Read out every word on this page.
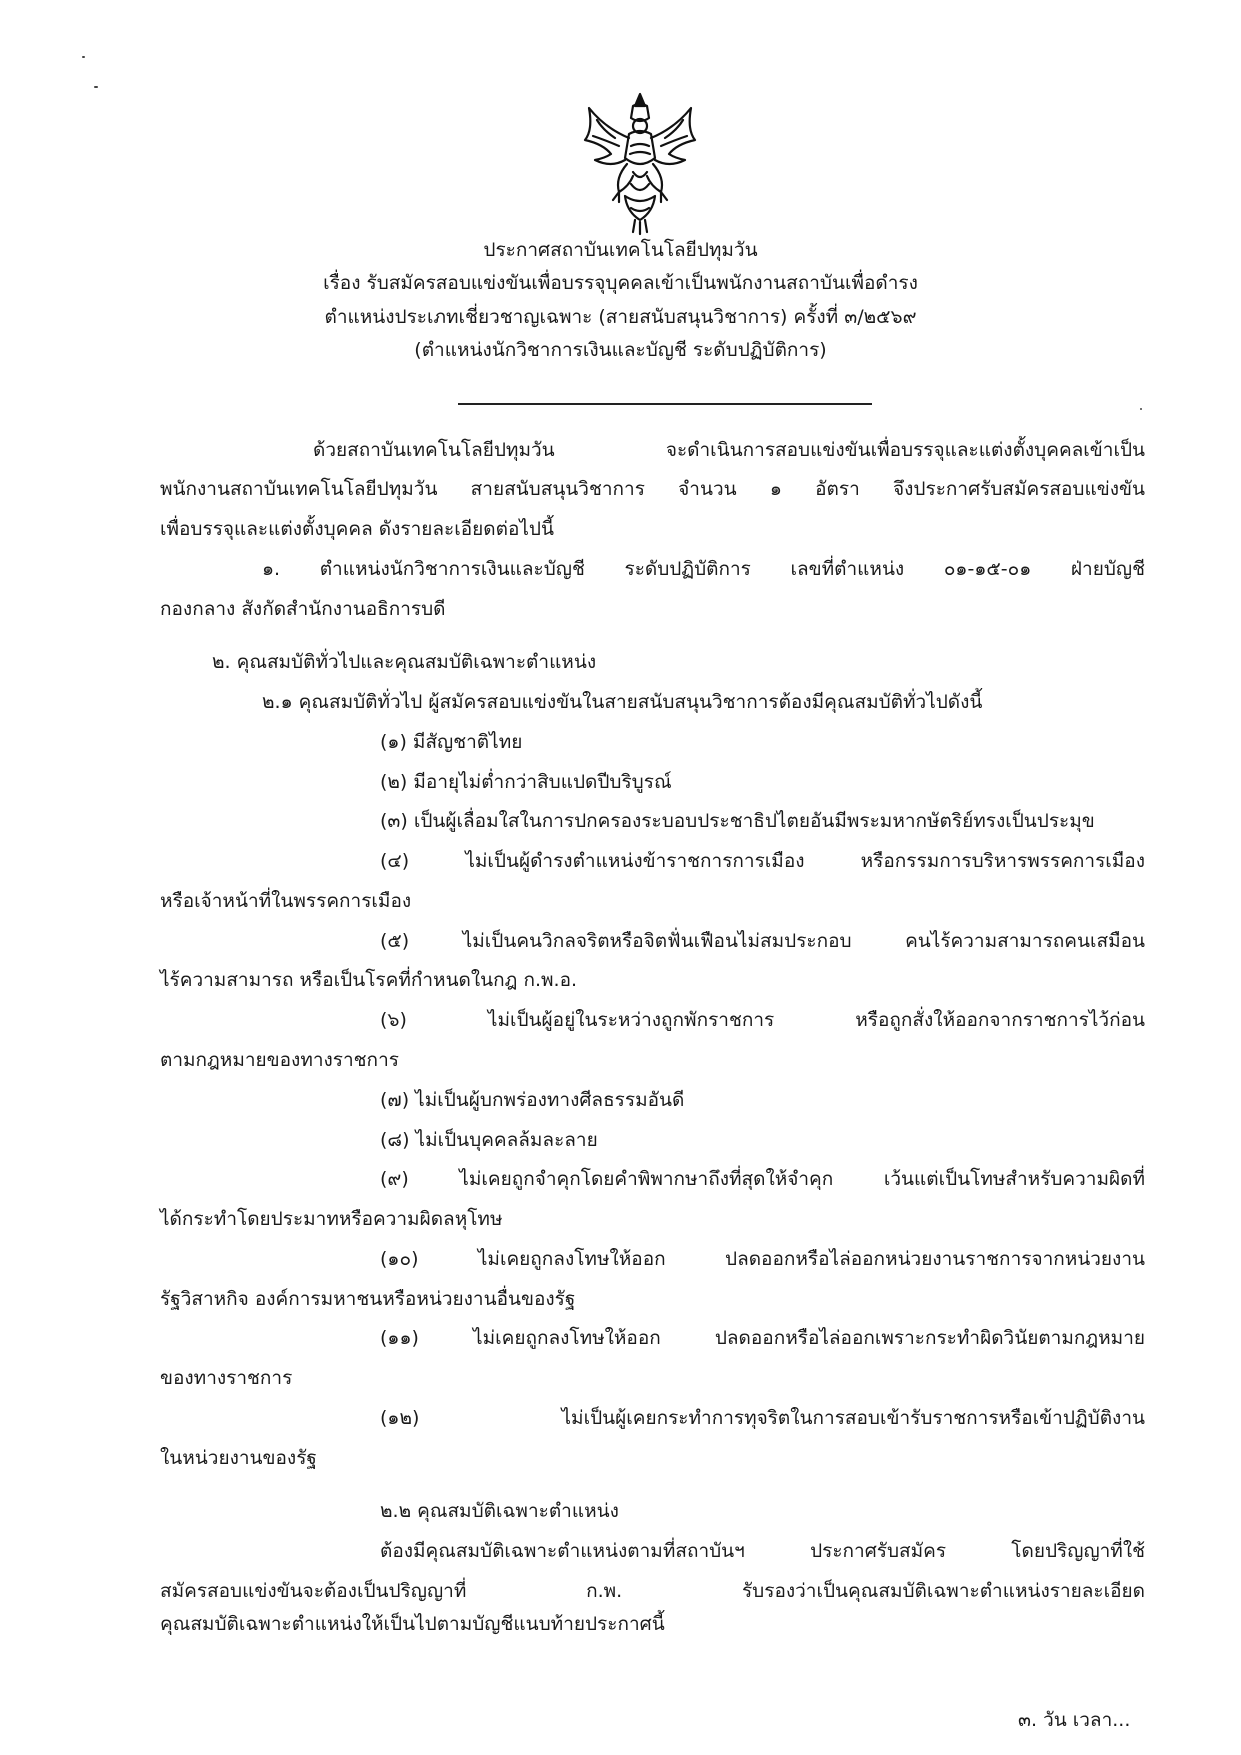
ประกาศสถาบันเทคโนโลยีปทุมวัน
เรื่อง รับสมัครสอบแข่งขันเพื่อบรรจุบุคคลเข้าเป็นพนักงานสถาบันเพื่อดำรง
ตำแหน่งประเภทเชี่ยวชาญเฉพาะ (สายสนับสนุนวิชาการ) ครั้งที่ ๓/๒๕๖๙
(ตำแหน่งนักวิชาการเงินและบัญชี ระดับปฏิบัติการ)
ด้วยสถาบันเทคโนโลยีปทุมวัน จะดำเนินการสอบแข่งขันเพื่อบรรจุและแต่งตั้งบุคคลเข้าเป็น
พนักงานสถาบันเทคโนโลยีปทุมวัน สายสนับสนุนวิชาการ จำนวน ๑ อัตรา จึงประกาศรับสมัครสอบแข่งขัน
เพื่อบรรจุและแต่งตั้งบุคคล ดังรายละเอียดต่อไปนี้
๑. ตำแหน่งนักวิชาการเงินและบัญชี ระดับปฏิบัติการ เลขที่ตำแหน่ง ๐๑-๑๕-๐๑ ฝ่ายบัญชี
กองกลาง สังกัดสำนักงานอธิการบดี
๒. คุณสมบัติทั่วไปและคุณสมบัติเฉพาะตำแหน่ง
๒.๑ คุณสมบัติทั่วไป ผู้สมัครสอบแข่งขันในสายสนับสนุนวิชาการต้องมีคุณสมบัติทั่วไปดังนี้
(๑) มีสัญชาติไทย
(๒) มีอายุไม่ต่ำกว่าสิบแปดปีบริบูรณ์
(๓) เป็นผู้เลื่อมใสในการปกครองระบอบประชาธิปไตยอันมีพระมหากษัตริย์ทรงเป็นประมุข
(๔) ไม่เป็นผู้ดำรงตำแหน่งข้าราชการการเมือง หรือกรรมการบริหารพรรคการเมือง
หรือเจ้าหน้าที่ในพรรคการเมือง
(๕) ไม่เป็นคนวิกลจริตหรือจิตฟั่นเฟือนไม่สมประกอบ คนไร้ความสามารถคนเสมือน
ไร้ความสามารถ หรือเป็นโรคที่กำหนดในกฎ ก.พ.อ.
(๖) ไม่เป็นผู้อยู่ในระหว่างถูกพักราชการ หรือถูกสั่งให้ออกจากราชการไว้ก่อน
ตามกฎหมายของทางราชการ
(๗) ไม่เป็นผู้บกพร่องทางศีลธรรมอันดี
(๘) ไม่เป็นบุคคลล้มละลาย
(๙) ไม่เคยถูกจำคุกโดยคำพิพากษาถึงที่สุดให้จำคุก เว้นแต่เป็นโทษสำหรับความผิดที่
ได้กระทำโดยประมาทหรือความผิดลหุโทษ
(๑๐) ไม่เคยถูกลงโทษให้ออก ปลดออกหรือไล่ออกหน่วยงานราชการจากหน่วยงาน
รัฐวิสาหกิจ องค์การมหาชนหรือหน่วยงานอื่นของรัฐ
(๑๑) ไม่เคยถูกลงโทษให้ออก ปลดออกหรือไล่ออกเพราะกระทำผิดวินัยตามกฎหมาย
ของทางราชการ
(๑๒) ไม่เป็นผู้เคยกระทำการทุจริตในการสอบเข้ารับราชการหรือเข้าปฏิบัติงาน
ในหน่วยงานของรัฐ
๒.๒ คุณสมบัติเฉพาะตำแหน่ง
ต้องมีคุณสมบัติเฉพาะตำแหน่งตามที่สถาบันฯ ประกาศรับสมัคร โดยปริญญาที่ใช้
สมัครสอบแข่งขันจะต้องเป็นปริญญาที่ ก.พ. รับรองว่าเป็นคุณสมบัติเฉพาะตำแหน่งรายละเอียด
คุณสมบัติเฉพาะตำแหน่งให้เป็นไปตามบัญชีแนบท้ายประกาศนี้
๓. วัน เวลา...
